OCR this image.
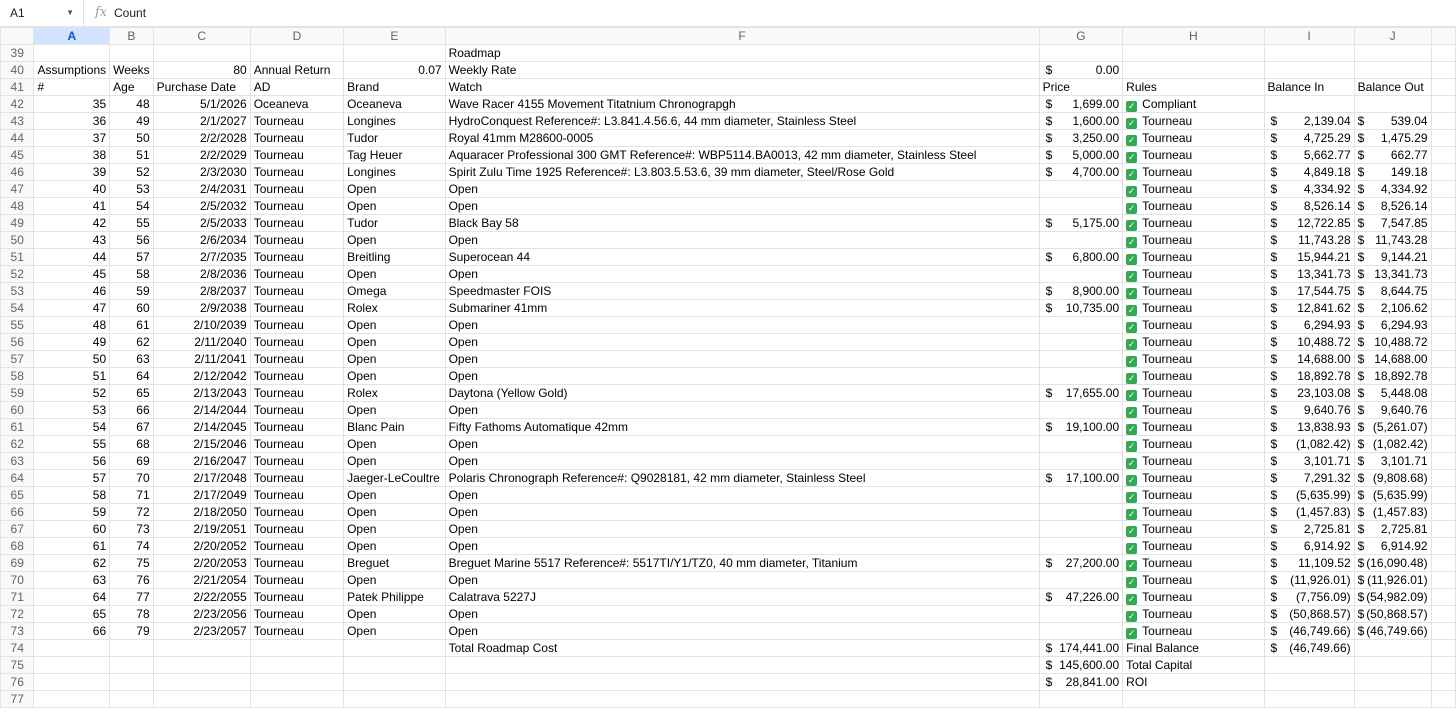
A1	▼ fx Count
	A	B	C	D	E	F	G	H	I	J	
39						Roadmap					
40	Assumptions	Weeks	80	Annual Return	0.07	Weekly Rate	$ 0.00				

41	#	Age	Purchase Date	AD	Brand	Watch	Price	Rules	Balance In	Balance Out	
42	35	48	5/1/2026	Oceaneva	Oceaneva	Wave Racer 4155 Movement Titatnium Chronograpgh	$ 1,699.00	✓ Compliant			
43	36	49	2/1/2027	Tourneau	Longines	HydroConquest Reference#: L3.841.4.56.6, 44 mm diameter, Stainless Steel	$ 1,600.00	✓ Tourneau	$ 2,139.04	$ 539.04	

44	37	50	2/2/2028	Tourneau	Tudor	Royal 41mm M28600-0005	$ 3,250.00	✓ Tourneau	$ 4,725.29	$ 1,475.29	

45	38	51	2/2/2029	Tourneau	Tag Heuer	Aquaracer Professional 300 GMT Reference#: WBP5114.BA0013, 42 mm diameter, Stainless Steel	$ 5,000.00	✓ Tourneau	$ 5,662.77	$ 662.77	

46	39	52	2/3/2030	Tourneau	Longines	Spirit Zulu Time 1925 Reference#: L3.803.5.53.6, 39 mm diameter, Steel/Rose Gold	$ 4,700.00	✓ Tourneau	$ 4,849.18	$ 149.18	

47	40	53	2/4/2031	Tourneau	Open	Open		✓ Tourneau	$ 4,334.92	$ 4,334.92	

48	41	54	2/5/2032	Tourneau	Open	Open		✓ Tourneau	$ 8,526.14	$ 8,526.14	

49	42	55	2/5/2033	Tourneau	Tudor	Black Bay 58	$ 5,175.00	✓ Tourneau	$ 12,722.85	$ 7,547.85	

50	43	56	2/6/2034	Tourneau	Open	Open		✓ Tourneau	$ 11,743.28	$ 11,743.28	

51	44	57	2/7/2035	Tourneau	Breitling	Superocean 44	$ 6,800.00	✓ Tourneau	$ 15,944.21	$ 9,144.21	

52	45	58	2/8/2036	Tourneau	Open	Open		✓ Tourneau	$ 13,341.73	$ 13,341.73	

53	46	59	2/8/2037	Tourneau	Omega	Speedmaster FOIS	$ 8,900.00	✓ Tourneau	$ 17,544.75	$ 8,644.75	

54	47	60	2/9/2038	Tourneau	Rolex	Submariner 41mm	$ 10,735.00	✓ Tourneau	$ 12,841.62	$ 2,106.62	

55	48	61	2/10/2039	Tourneau	Open	Open		✓ Tourneau	$ 6,294.93	$ 6,294.93	

56	49	62	2/11/2040	Tourneau	Open	Open		✓ Tourneau	$ 10,488.72	$ 10,488.72	

57	50	63	2/11/2041	Tourneau	Open	Open		✓ Tourneau	$ 14,688.00	$ 14,688.00	

58	51	64	2/12/2042	Tourneau	Open	Open		✓ Tourneau	$ 18,892.78	$ 18,892.78	

59	52	65	2/13/2043	Tourneau	Rolex	Daytona (Yellow Gold)	$ 17,655.00	✓ Tourneau	$ 23,103.08	$ 5,448.08	

60	53	66	2/14/2044	Tourneau	Open	Open		✓ Tourneau	$ 9,640.76	$ 9,640.76	

61	54	67	2/14/2045	Tourneau	Blanc Pain	Fifty Fathoms Automatique 42mm	$ 19,100.00	✓ Tourneau	$ 13,838.93	$ (5,261.07)	

62	55	68	2/15/2046	Tourneau	Open	Open		✓ Tourneau	$ (1,082.42)	$ (1,082.42)	

63	56	69	2/16/2047	Tourneau	Open	Open		✓ Tourneau	$ 3,101.71	$ 3,101.71	

64	57	70	2/17/2048	Tourneau	Jaeger-LeCoultre	Polaris Chronograph Reference#: Q9028181, 42 mm diameter, Stainless Steel	$ 17,100.00	✓ Tourneau	$ 7,291.32	$ (9,808.68)	

65	58	71	2/17/2049	Tourneau	Open	Open		✓ Tourneau	$ (5,635.99)	$ (5,635.99)	

66	59	72	2/18/2050	Tourneau	Open	Open		✓ Tourneau	$ (1,457.83)	$ (1,457.83)	

67	60	73	2/19/2051	Tourneau	Open	Open		✓ Tourneau	$ 2,725.81	$ 2,725.81	

68	61	74	2/20/2052	Tourneau	Open	Open		✓ Tourneau	$ 6,914.92	$ 6,914.92	

69	62	75	2/20/2053	Tourneau	Breguet	Breguet Marine 5517 Reference#: 5517TI/Y1/TZ0, 40 mm diameter, Titanium	$ 27,200.00	✓ Tourneau	$ 11,109.52	$ (16,090.48)	

70	63	76	2/21/2054	Tourneau	Open	Open		✓ Tourneau	$ (11,926.01)	$ (11,926.01)	

71	64	77	2/22/2055	Tourneau	Patek Philippe	Calatrava 5227J	$ 47,226.00	✓ Tourneau	$ (7,756.09)	$ (54,982.09)	

72	65	78	2/23/2056	Tourneau	Open	Open		✓ Tourneau	$ (50,868.57)	$ (50,868.57)	

73	66	79	2/23/2057	Tourneau	Open	Open		✓ Tourneau	$ (46,749.66)	$ (46,749.66)	

74						Total Roadmap Cost	$ 174,441.00	Final Balance	$ (46,749.66)		

75							$ 145,600.00	Total Capital			
76							$ 28,841.00	ROI			
77											
